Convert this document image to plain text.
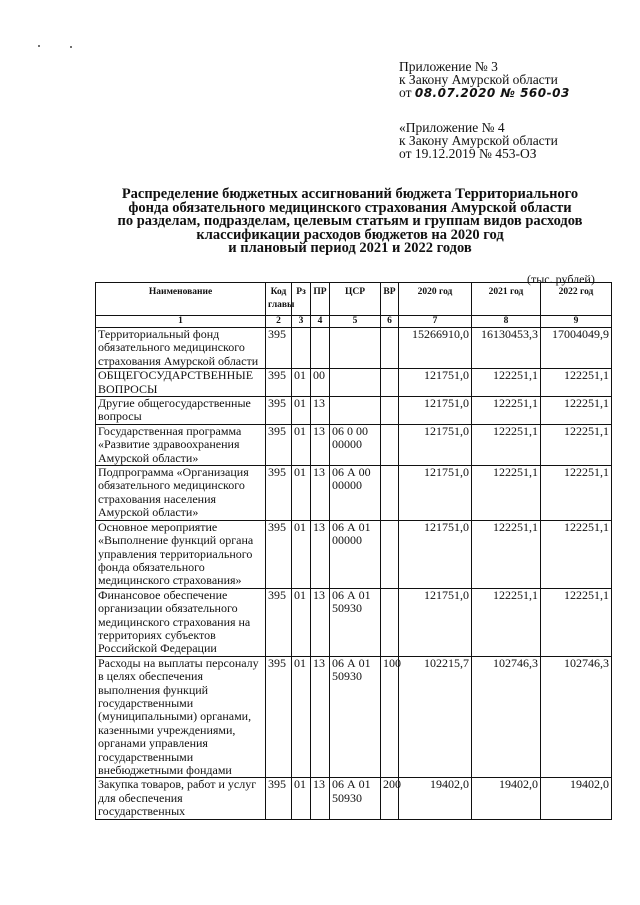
Приложение № 3
к Закону Амурской области
от 08.07.2020 № 560-03
«Приложение № 4
к Закону Амурской области
от 19.12.2019 № 453-ОЗ
Распределение бюджетных ассигнований бюджета Территориального
фонда обязательного медицинского страхования Амурской области
по разделам, подразделам, целевым статьям и группам видов расходов
классификации расходов бюджетов на 2020 год
и плановый период 2021 и 2022 годов
(тыс. рублей)
Наименование	Код главы	Рз	ПР	ЦСР	ВР	2020 год	2021 год	2022 год
1	2	3	4	5	6	7	8	9
Территориальный фонд обязательного медицинского страхования Амурской области	395					15266910,0	16130453,3	17004049,9
ОБЩЕГОСУДАРСТВЕННЫЕ ВОПРОСЫ	395	01	00			121751,0	122251,1	122251,1
Другие общегосударственные вопросы	395	01	13			121751,0	122251,1	122251,1
Государственная программа «Развитие здравоохранения Амурской области»	395	01	13	06 0 00 00000		121751,0	122251,1	122251,1
Подпрограмма «Организация обязательного медицинского страхования населения Амурской области»	395	01	13	06 А 00 00000		121751,0	122251,1	122251,1
Основное мероприятие «Выполнение функций органа управления территориального фонда обязательного медицинского страхования»	395	01	13	06 А 01 00000		121751,0	122251,1	122251,1
Финансовое обеспечение организации обязательного медицинского страхования на территориях субъектов Российской Федерации	395	01	13	06 А 01 50930		121751,0	122251,1	122251,1
Расходы на выплаты персоналу в целях обеспечения выполнения функций государственными (муниципальными) органами, казенными учреждениями, органами управления государственными внебюджетными фондами	395	01	13	06 А 01 50930	100	102215,7	102746,3	102746,3
Закупка товаров, работ и услуг для обеспечения государственных	395	01	13	06 А 01 50930	200	19402,0	19402,0	19402,0
